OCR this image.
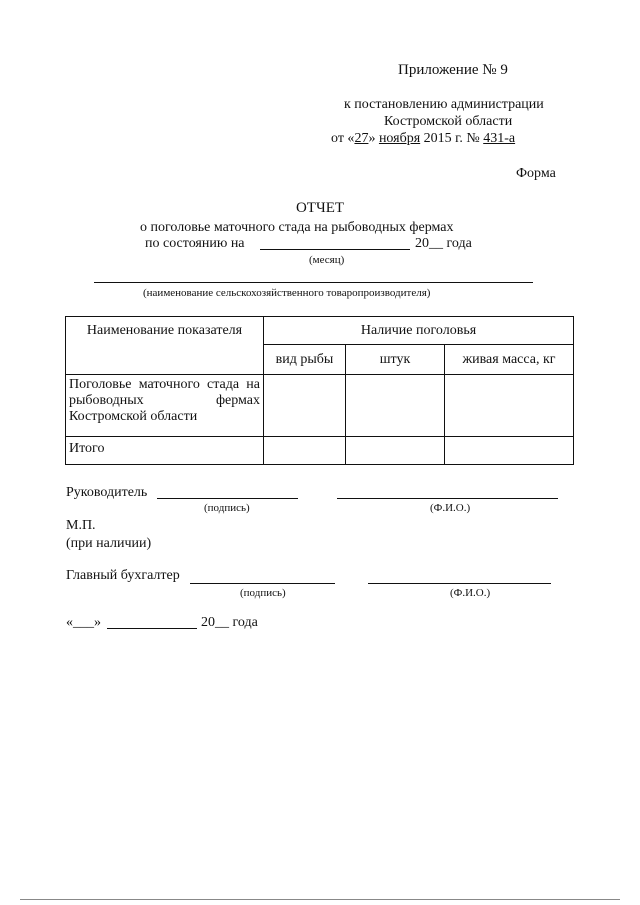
Приложение № 9
к постановлению администрации
Костромской области
от «27» ноября 2015 г. № 431-а
Форма
ОТЧЕТ
о поголовье маточного стада на рыбоводных фермах
по состоянию на	20__ года
(месяц)
(наименование сельскохозяйственного товаропроизводителя)
Наименование показателя	Наличие поголовья		
	вид рыбы	штук	живая масса, кг
Поголовье маточного стада на рыбоводных фермах Костромской области			
Итого			
Руководитель
(подпись)	(Ф.И.О.)
М.П.
(при наличии)
Главный бухгалтер
(подпись)	(Ф.И.О.)
«___»	20__ года
